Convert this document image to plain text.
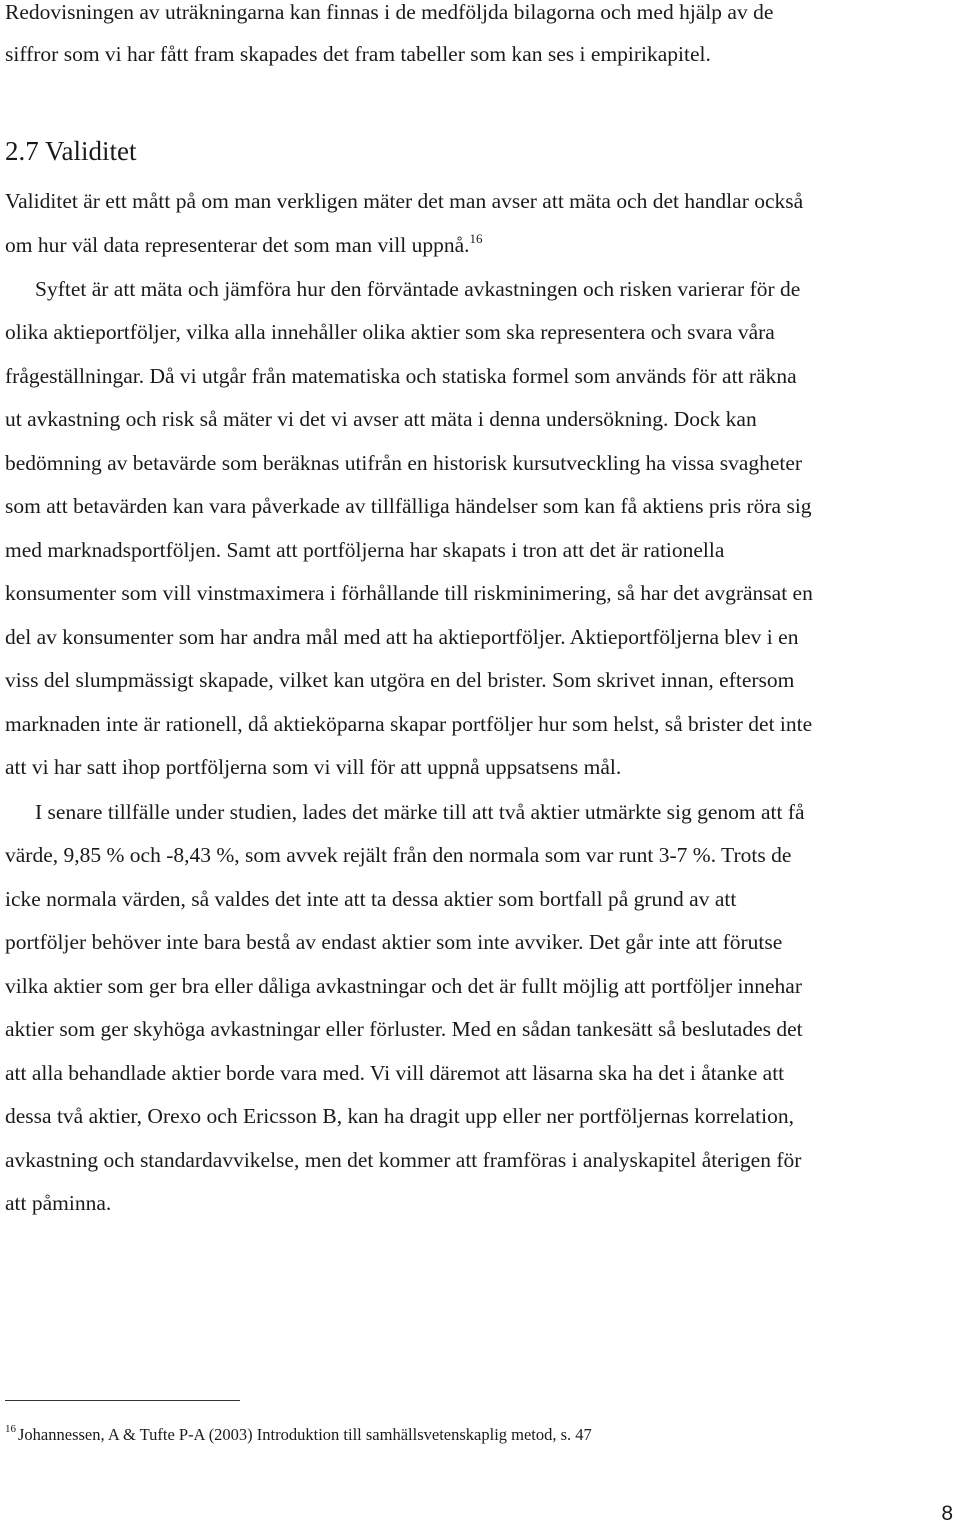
Redovisningen av uträkningarna kan finnas i de medföljda bilagorna och med hjälp av de
siffror som vi har fått fram skapades det fram tabeller som kan ses i empirikapitel.
2.7 Validitet
Validitet är ett mått på om man verkligen mäter det man avser att mäta och det handlar också
om hur väl data representerar det som man vill uppnå.$^{16}$
Syftet är att mäta och jämföra hur den förväntade avkastningen och risken varierar för de
olika aktieportföljer, vilka alla innehåller olika aktier som ska representera och svara våra
frågeställningar. Då vi utgår från matematiska och statiska formel som används för att räkna
ut avkastning och risk så mäter vi det vi avser att mäta i denna undersökning. Dock kan
bedömning av betavärde som beräknas utifrån en historisk kursutveckling ha vissa svagheter
som att betavärden kan vara påverkade av tillfälliga händelser som kan få aktiens pris röra sig
med marknadsportföljen. Samt att portföljerna har skapats i tron att det är rationella
konsumenter som vill vinstmaximera i förhållande till riskminimering, så har det avgränsat en
del av konsumenter som har andra mål med att ha aktieportföljer. Aktieportföljerna blev i en
viss del slumpmässigt skapade, vilket kan utgöra en del brister. Som skrivet innan, eftersom
marknaden inte är rationell, då aktieköparna skapar portföljer hur som helst, så brister det inte
att vi har satt ihop portföljerna som vi vill för att uppnå uppsatsens mål.
I senare tillfälle under studien, lades det märke till att två aktier utmärkte sig genom att få
värde, 9,85 % och -8,43 %, som avvek rejält från den normala som var runt 3-7 %. Trots de
icke normala värden, så valdes det inte att ta dessa aktier som bortfall på grund av att
portföljer behöver inte bara bestå av endast aktier som inte avviker. Det går inte att förutse
vilka aktier som ger bra eller dåliga avkastningar och det är fullt möjlig att portföljer innehar
aktier som ger skyhöga avkastningar eller förluster. Med en sådan tankesätt så beslutades det
att alla behandlade aktier borde vara med. Vi vill däremot att läsarna ska ha det i åtanke att
dessa två aktier, Orexo och Ericsson B, kan ha dragit upp eller ner portföljernas korrelation,
avkastning och standardavvikelse, men det kommer att framföras i analyskapitel återigen för
att påminna.
$^{16}$ Johannessen, A & Tufte P-A (2003) Introduktion till samhällsvetenskaplig metod, s. 47
8
